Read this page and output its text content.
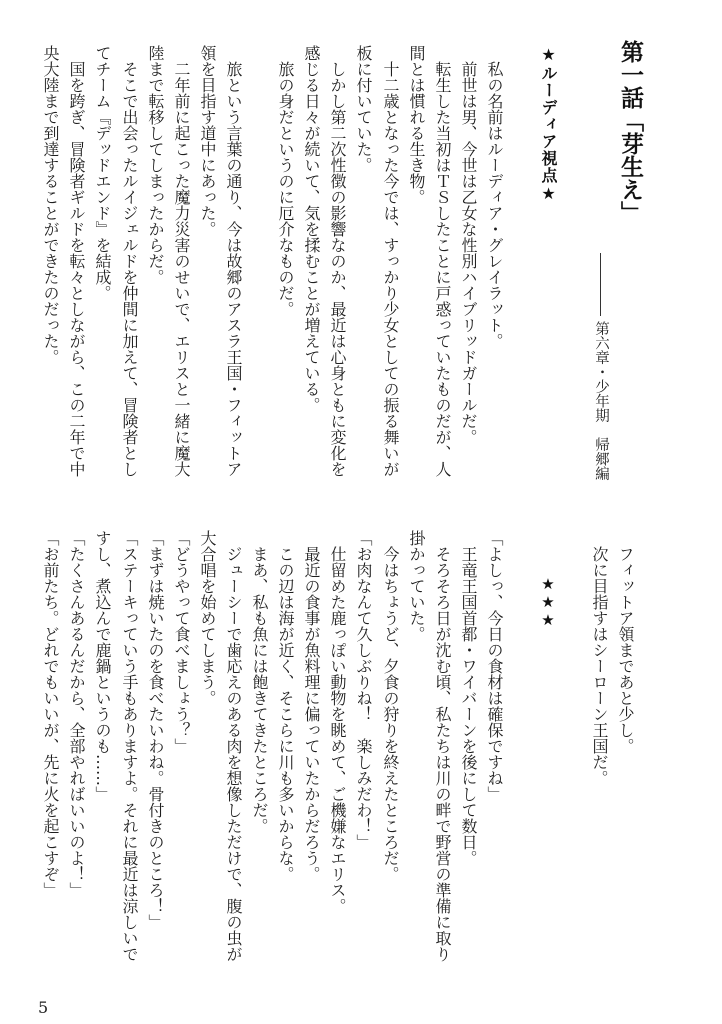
第一話「芽生え」
第六章・少年期　帰郷編
★ルーディア視点★
私の名前はルーディア・グレイラット。
前世は男、今世は乙女な性別ハイブリッドガールだ。
転生した当初はＴＳしたことに戸惑っていたものだが、人
間とは慣れる生き物。
十二歳となった今では、すっかり少女としての振る舞いが
板に付いていた。
しかし第二次性徴の影響なのか、最近は心身ともに変化を
感じる日々が続いて、気を揉むことが増えている。
旅の身だというのに厄介なものだ。
旅という言葉の通り、今は故郷のアスラ王国・フィットア
領を目指す道中にあった。
二年前に起こった魔力災害のせいで、エリスと一緒に魔大
陸まで転移してしまったからだ。
そこで出会ったルイジェルドを仲間に加えて、冒険者とし
てチーム『デッドエンド』を結成。
国を跨ぎ、冒険者ギルドを転々としながら、この二年で中
央大陸まで到達することができたのだった。
フィットア領まであと少し。
次に目指すはシーローン王国だ。
★★★
「よしっ、今日の食材は確保ですね」
王竜王国首都・ワイバーンを後にして数日。
そろそろ日が沈む頃、私たちは川の畔で野営の準備に取り
掛かっていた。
今はちょうど、夕食の狩りを終えたところだ。
「お肉なんて久しぶりね！　楽しみだわ！」
仕留めた鹿っぽい動物を眺めて、ご機嫌なエリス。
最近の食事が魚料理に偏っていたからだろう。
この辺は海が近く、そこらに川も多いからな。
まあ、私も魚には飽きてきたところだ。
ジューシーで歯応えのある肉を想像しただけで、腹の虫が
大合唱を始めてしまう。
「どうやって食べましょう？」
「まずは焼いたのを食べたいわね。骨付きのところ！」
「ステーキっていう手もありますよ。それに最近は涼しいで
すし、煮込んで鹿鍋というのも……」
「たくさんあるんだから、全部やればいいのよ！」
「お前たち。どれでもいいが、先に火を起こすぞ」
5
